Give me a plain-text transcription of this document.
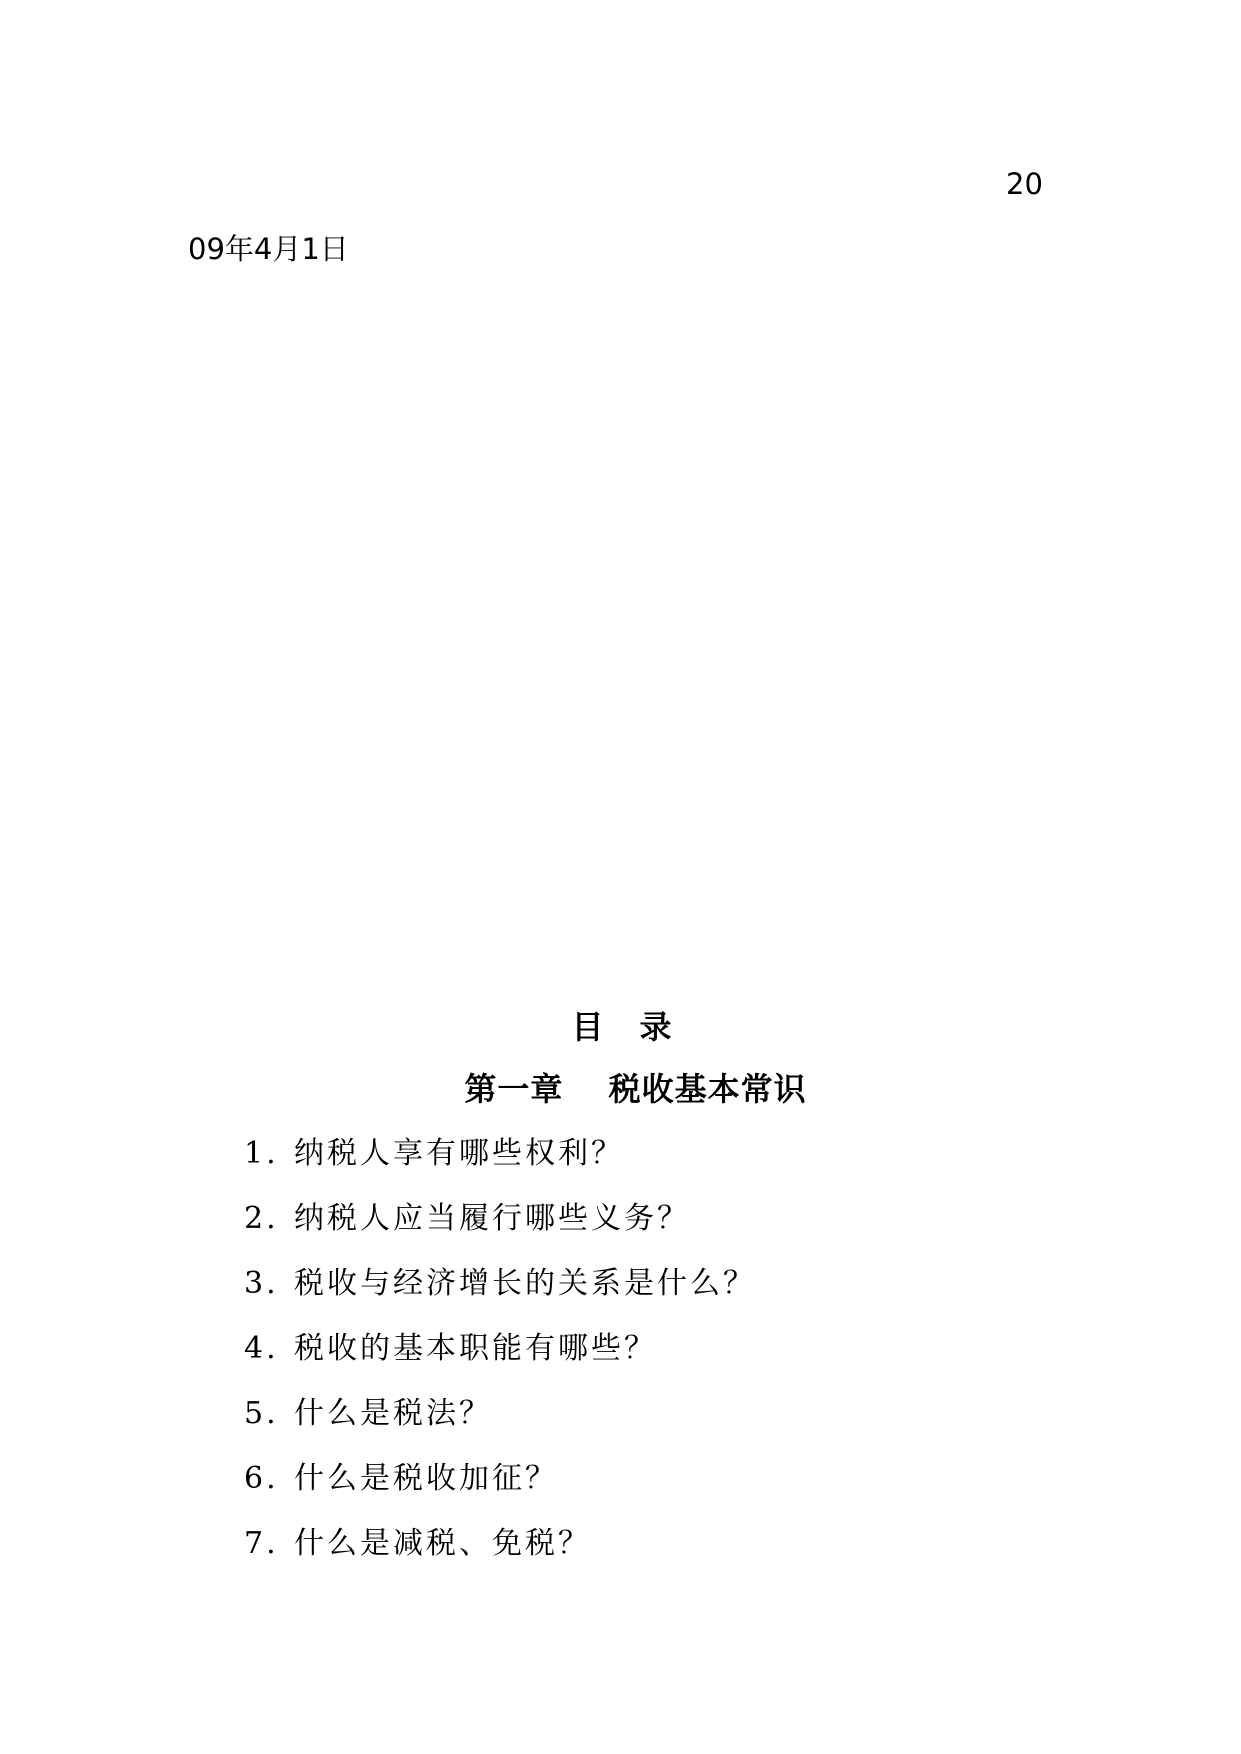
20
09年4月1日
目　录
第一章　 税收基本常识
1. 纳税人享有哪些权利？
2. 纳税人应当履行哪些义务？
3. 税收与经济增长的关系是什么？
4. 税收的基本职能有哪些？
5. 什么是税法？
6. 什么是税收加征？
7. 什么是减税、免税？
